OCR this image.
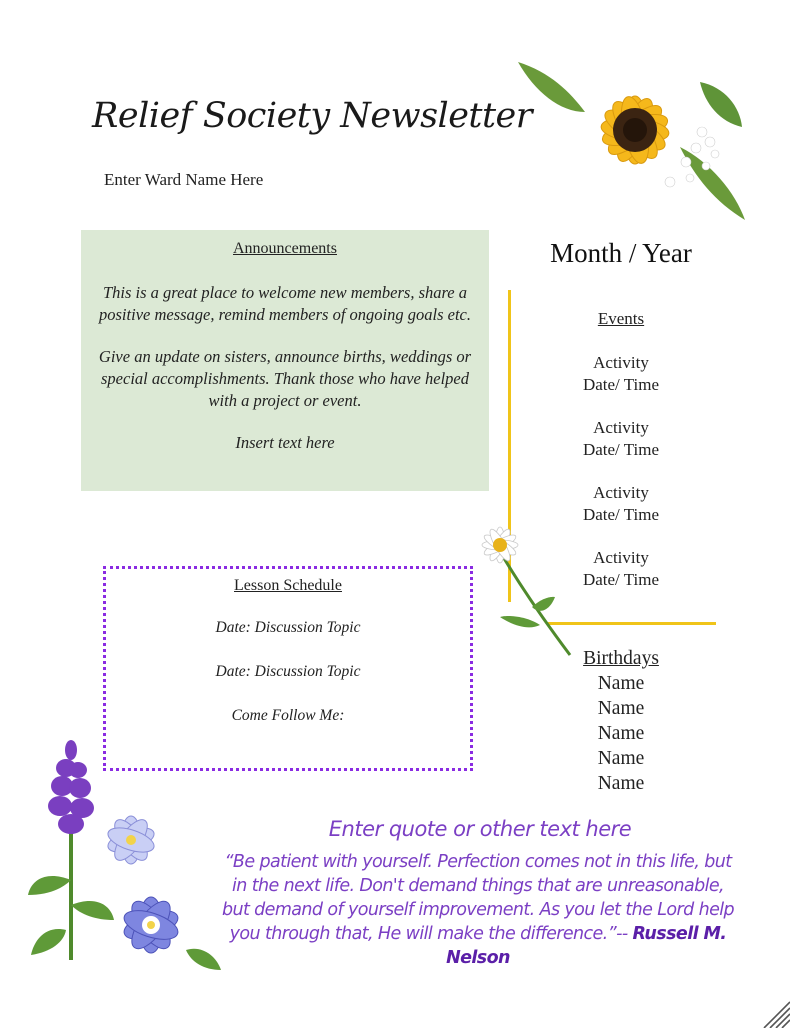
Relief Society Newsletter
Enter Ward Name Here
Announcements

This is a great place to welcome new members, share a positive message, remind members of ongoing goals etc.

Give an update on sisters, announce births, weddings or special accomplishments. Thank those who have helped with a project or event.

Insert text here

Month / Year
Events
Activity
Date/ Time
Activity
Date/ Time
Activity
Date/ Time
Activity
Date/ Time
Lesson Schedule
Date: Discussion Topic
Date: Discussion Topic
Come Follow Me:
Birthdays
Name
Name
Name
Name
Name
Enter quote or other text here
“Be patient with yourself. Perfection comes not in this life, but in the next life. Don't demand things that are unreasonable, but demand of yourself improvement. As you let the Lord help you through that, He will make the difference.”-- Russell M. Nelson
